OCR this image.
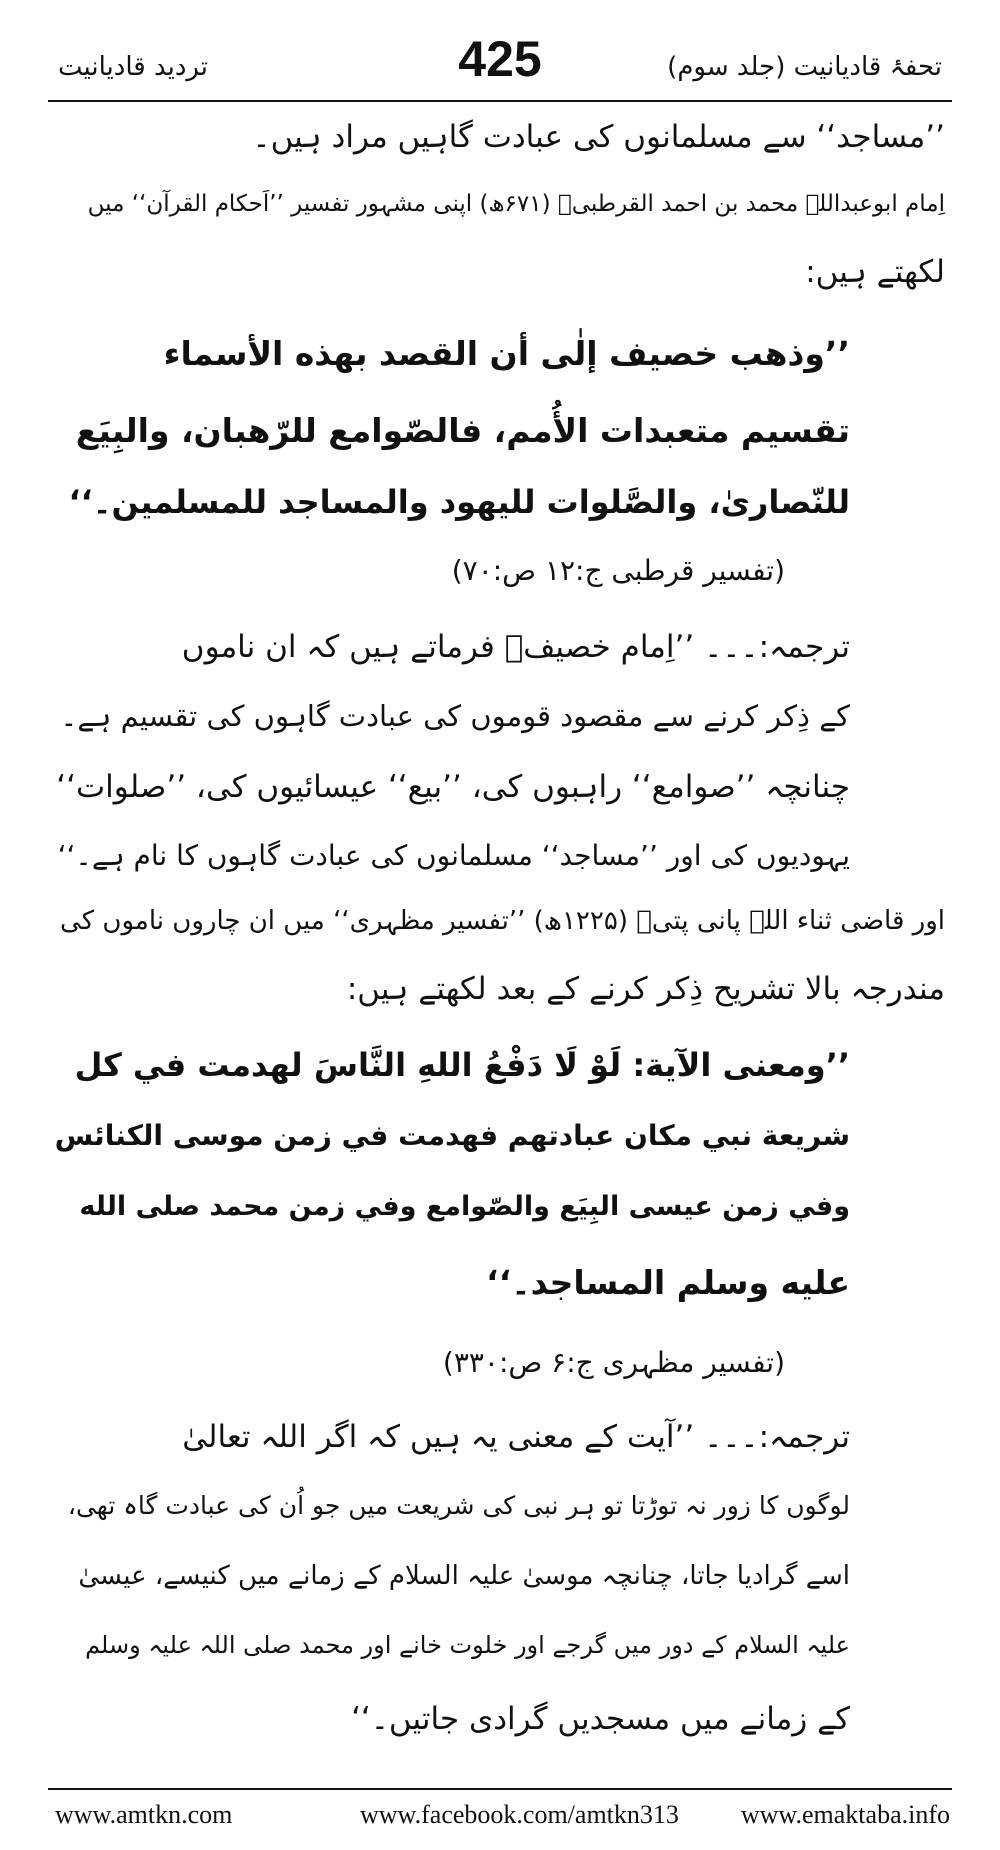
تردید قادیانیت	425	تحفۂ قادیانیت (جلد سوم)
’’مساجد‘‘ سے مسلمانوں کی عبادت گاہیں مراد ہیں۔
اِمام ابوعبداللہ محمد بن احمد القرطبیؒ (۶۷۱ھ) اپنی مشہور تفسیر ’’اَحکام القرآن‘‘ میں
لکھتے ہیں:
’’وذهب خصيف إلٰى أن القصد بهذه الأسماء
تقسيم متعبدات الأُمم، فالصّوامع للرّهبان، والبِيَع
للنّصارىٰ، والصَّلوات لليهود والمساجد للمسلمين۔‘‘
(تفسیر قرطبی ج:۱۲ ص:۷۰)
ترجمہ:۔۔۔ ’’اِمام خصیفؒ فرماتے ہیں کہ ان ناموں
کے ذِکر کرنے سے مقصود قوموں کی عبادت گاہوں کی تقسیم ہے۔
چنانچہ ’’صوامع‘‘ راہبوں کی، ’’بیع‘‘ عیسائیوں کی، ’’صلوات‘‘
یہودیوں کی اور ’’مساجد‘‘ مسلمانوں کی عبادت گاہوں کا نام ہے۔‘‘
اور قاضی ثناء اللہ پانی پتیؒ (۱۲۲۵ھ) ’’تفسیر مظہری‘‘ میں ان چاروں ناموں کی
مندرجہ بالا تشریح ذِکر کرنے کے بعد لکھتے ہیں:
’’ومعنى الآية: لَوْ لَا دَفْعُ اللهِ النَّاسَ لهدمت في كل
شريعة نبي مكان عبادتهم فهدمت في زمن موسى الكنائس
وفي زمن عيسى البِيَع والصّوامع وفي زمن محمد صلى الله
عليه وسلم المساجد۔‘‘
(تفسیر مظہری ج:۶ ص:۳۳۰)
ترجمہ:۔۔۔ ’’آیت کے معنی یہ ہیں کہ اگر اللہ تعالیٰ
لوگوں کا زور نہ توڑتا تو ہر نبی کی شریعت میں جو اُن کی عبادت گاہ تھی،
اسے گرادیا جاتا، چنانچہ موسیٰ علیہ السلام کے زمانے میں کنیسے، عیسیٰ
علیہ السلام کے دور میں گرجے اور خلوت خانے اور محمد صلی اللہ علیہ وسلم
کے زمانے میں مسجدیں گرادی جاتیں۔‘‘
www.amtkn.com	www.facebook.com/amtkn313 www.emaktaba.info
